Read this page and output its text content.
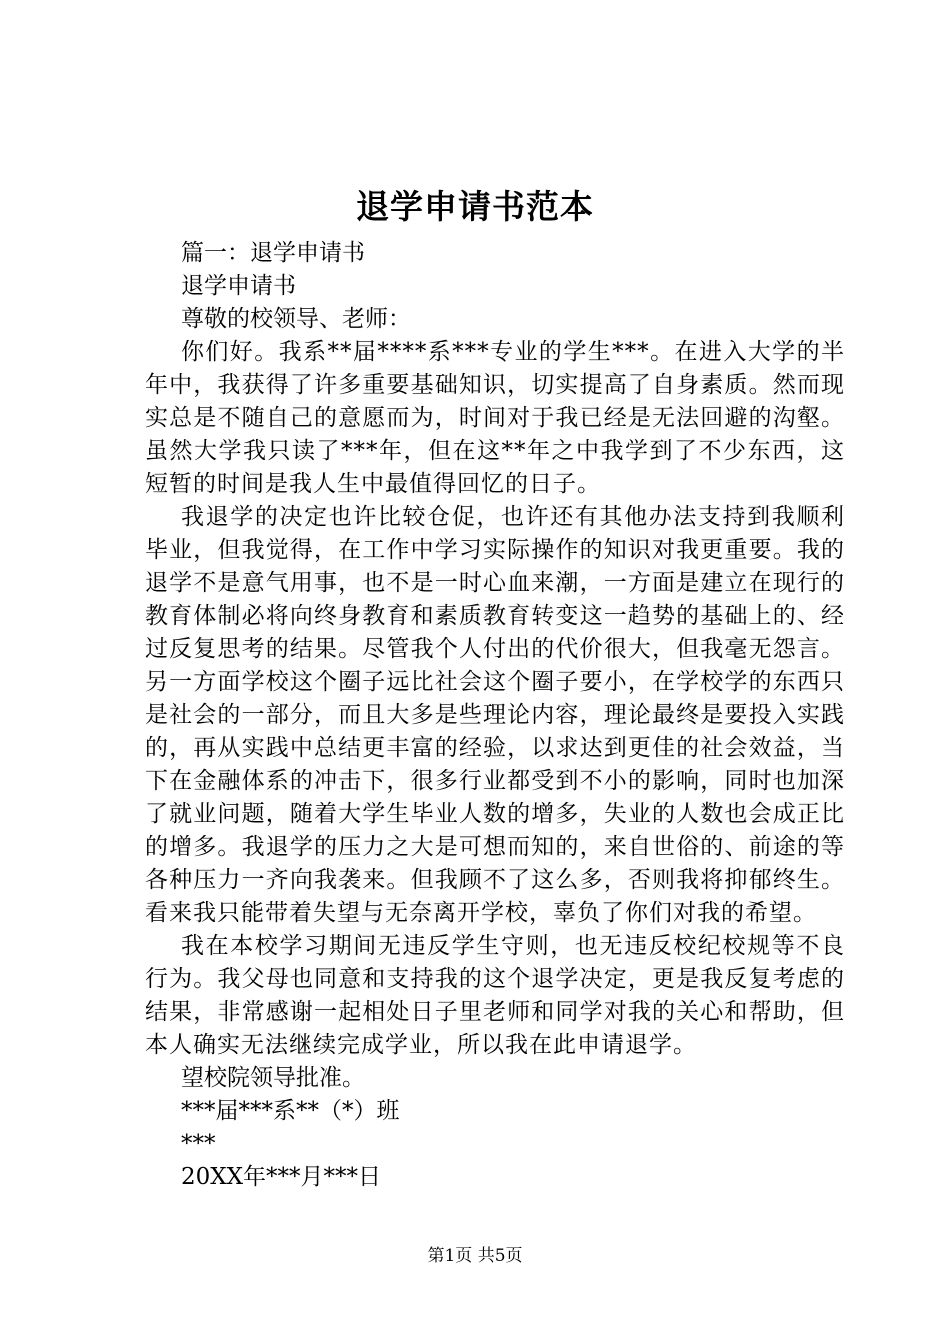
退学申请书范本

篇一：退学申请书

退学申请书

尊敬的校领导、老师：

你们好。我系**届****系***专业的学生***。在进入大学的半年中，我获得了许多重要基础知识，切实提高了自身素质。然而现实总是不随自己的意愿而为，时间对于我已经是无法回避的沟壑。虽然大学我只读了***年，但在这**年之中我学到了不少东西，这短暂的时间是我人生中最值得回忆的日子。

我退学的决定也许比较仓促，也许还有其他办法支持到我顺利毕业，但我觉得，在工作中学习实际操作的知识对我更重要。我的退学不是意气用事，也不是一时心血来潮，一方面是建立在现行的教育体制必将向终身教育和素质教育转变这一趋势的基础上的、经过反复思考的结果。尽管我个人付出的代价很大，但我毫无怨言。另一方面学校这个圈子远比社会这个圈子要小，在学校学的东西只是社会的一部分，而且大多是些理论内容，理论最终是要投入实践的，再从实践中总结更丰富的经验，以求达到更佳的社会效益，当下在金融体系的冲击下，很多行业都受到不小的影响，同时也加深了就业问题，随着大学生毕业人数的增多，失业的人数也会成正比的增多。我退学的压力之大是可想而知的，来自世俗的、前途的等各种压力一齐向我袭来。但我顾不了这么多，否则我将抑郁终生。看来我只能带着失望与无奈离开学校，辜负了你们对我的希望。

我在本校学习期间无违反学生守则，也无违反校纪校规等不良行为。我父母也同意和支持我的这个退学决定，更是我反复考虑的结果，非常感谢一起相处日子里老师和同学对我的关心和帮助，但本人确实无法继续完成学业，所以我在此申请退学。

望校院领导批准。

***届***系**（*）班

***

20XX年***月***日

第1页 共5页
